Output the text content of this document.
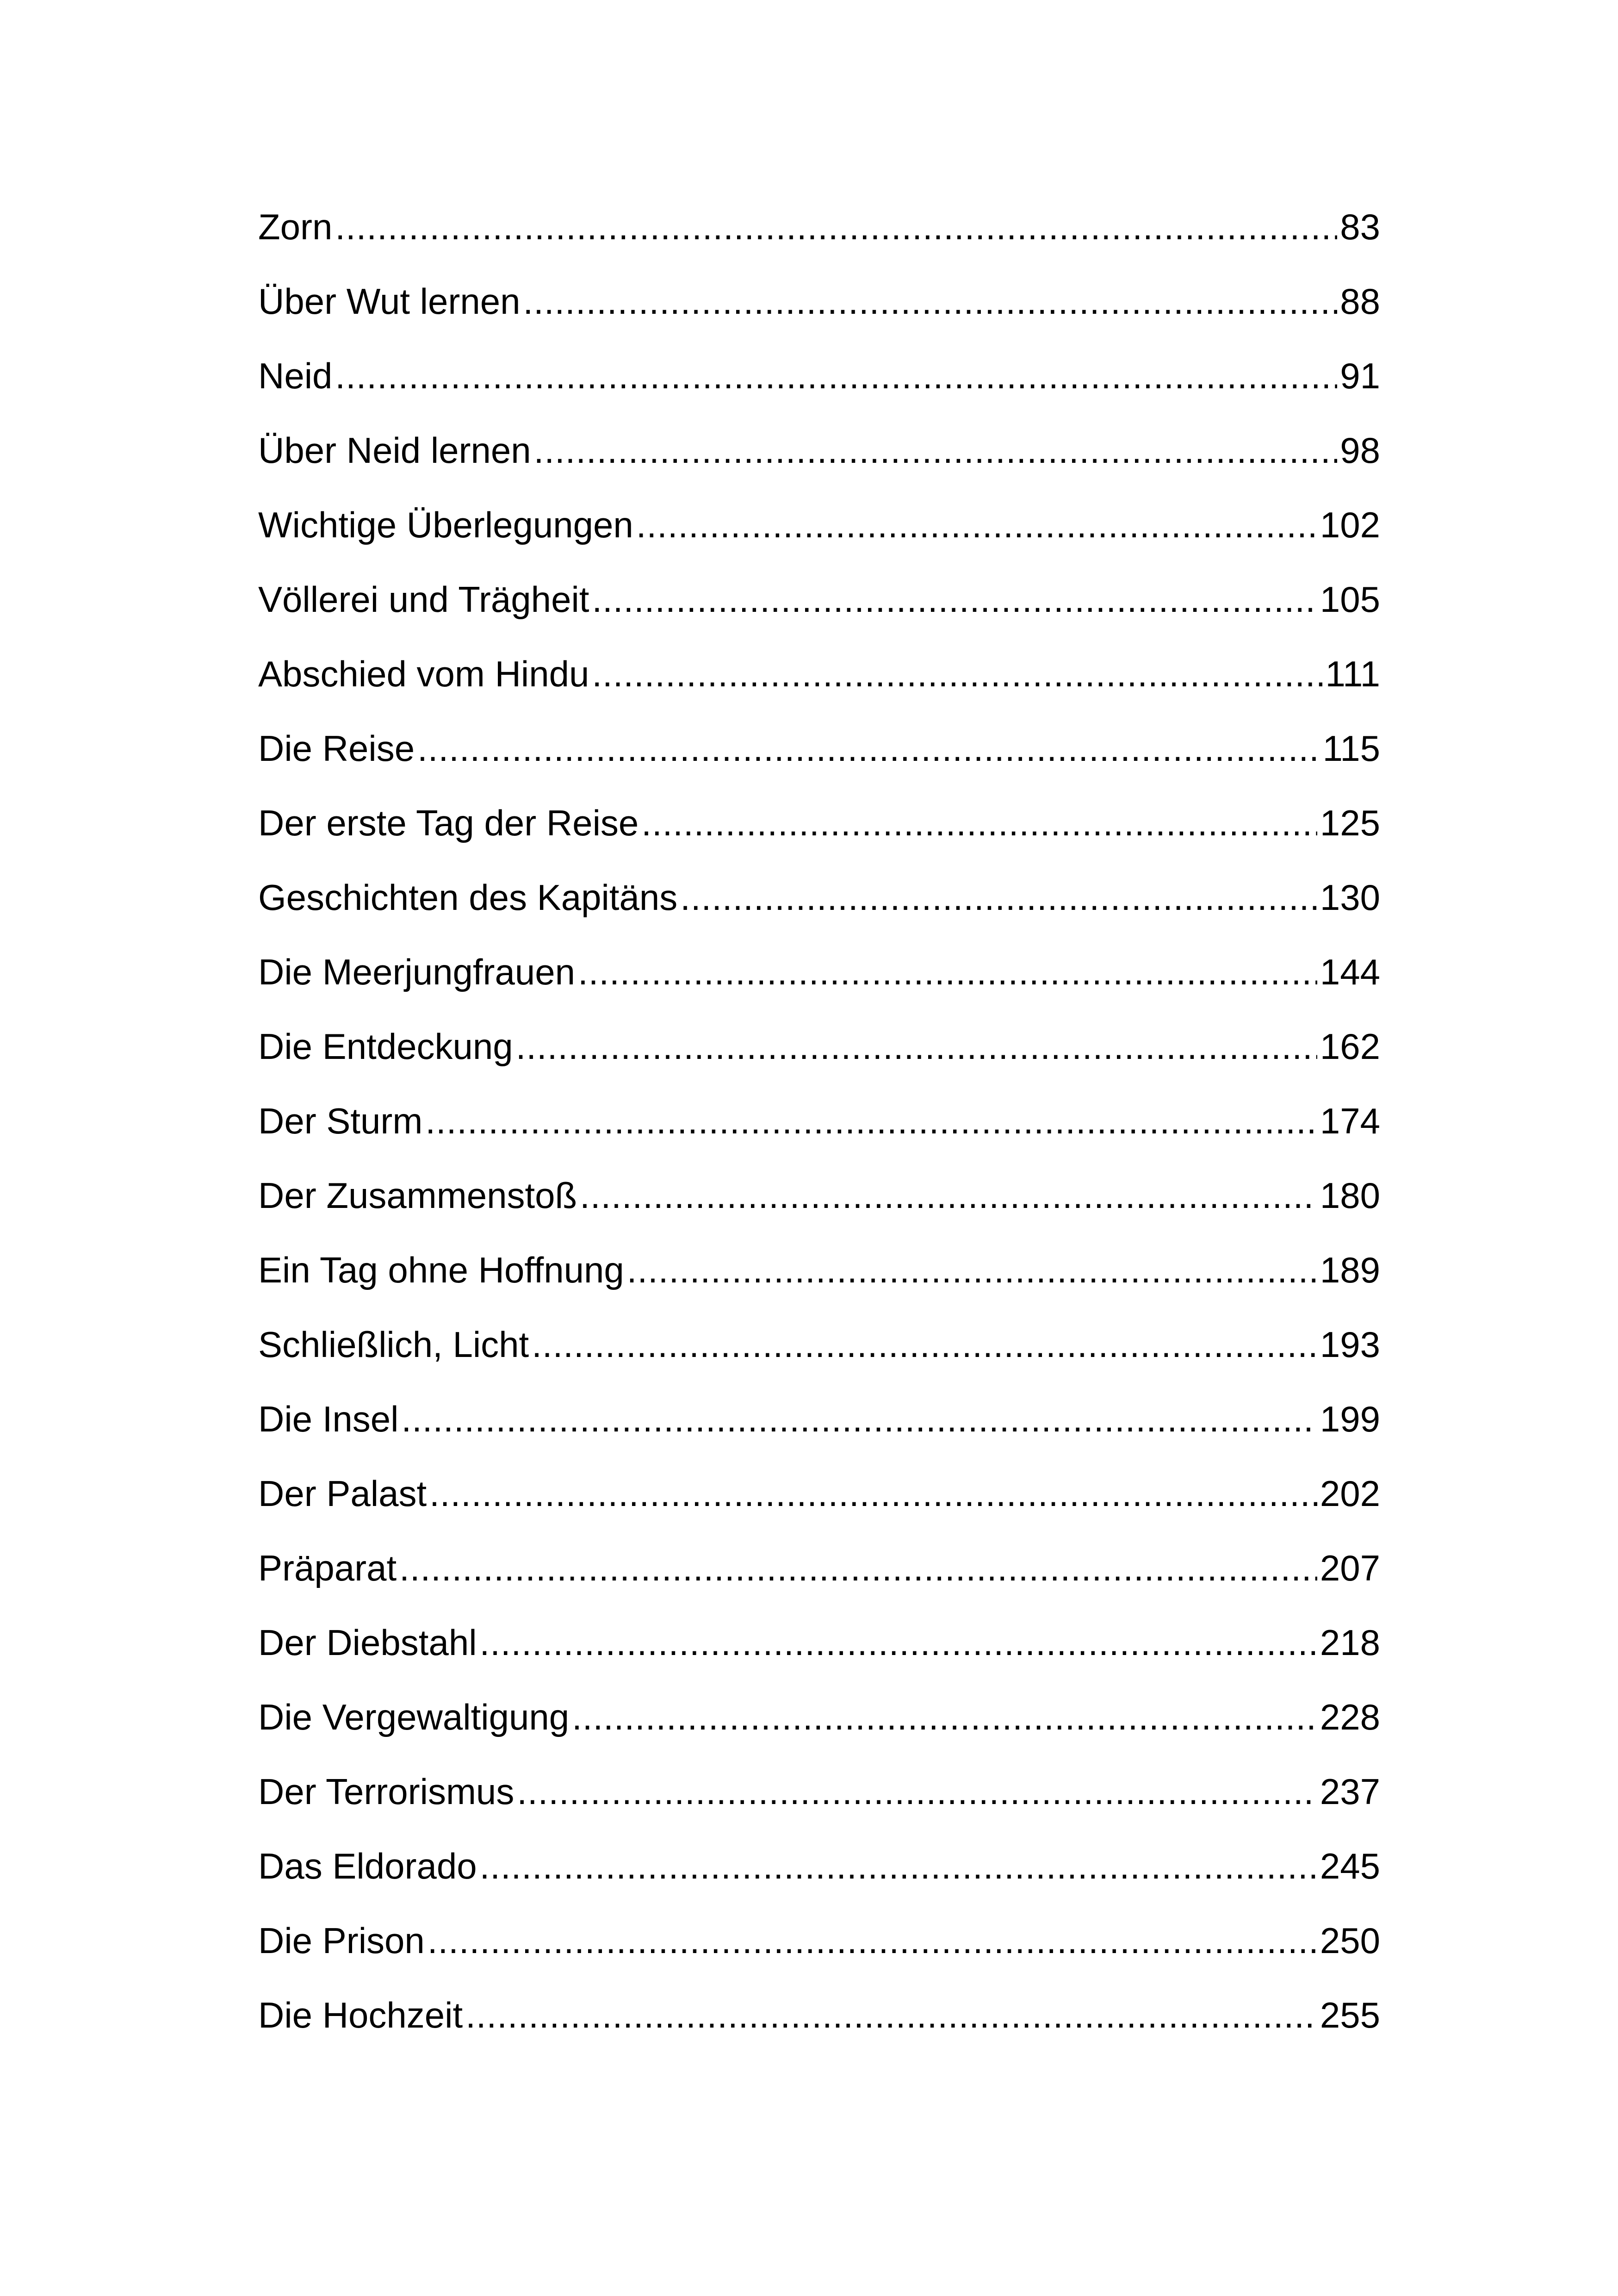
Zorn .....	83
Über Wut lernen .....	88
Neid .....	91
Über Neid lernen .....	98
Wichtige Überlegungen .....	102
Völlerei und Trägheit .....	105
Abschied vom Hindu .....	111
Die Reise .....	115
Der erste Tag der Reise .....	125
Geschichten des Kapitäns .....	130
Die Meerjungfrauen .....	144
Die Entdeckung .....	162
Der Sturm .....	174
Der Zusammenstoß .....	180
Ein Tag ohne Hoffnung .....	189
Schließlich, Licht .....	193
Die Insel .....	199
Der Palast .....	202
Präparat .....	207
Der Diebstahl .....	218
Die Vergewaltigung .....	228
Der Terrorismus .....	237
Das Eldorado .....	245
Die Prison .....	250
Die Hochzeit .....	255
